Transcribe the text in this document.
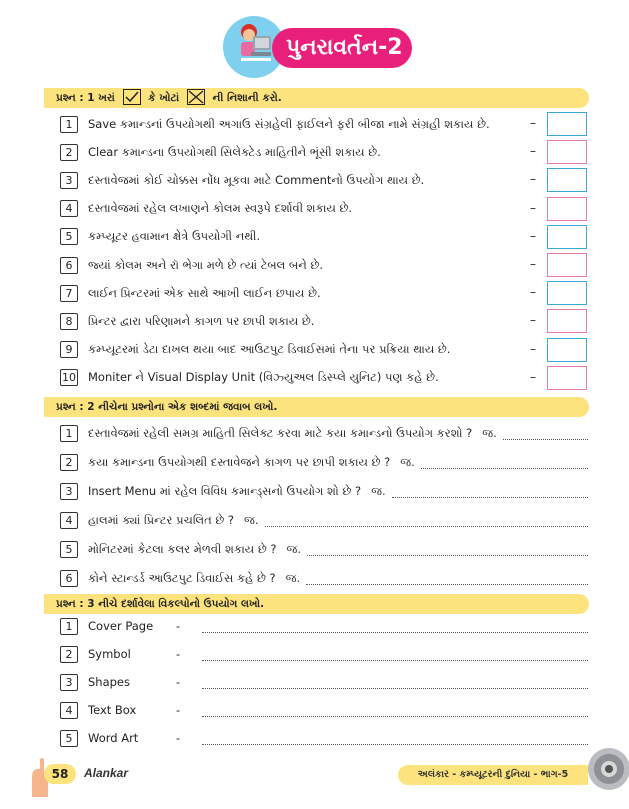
પુનરાવર્તન-2
પ્રશ્ન : 1 ખરાં	કે ખોટાં ☒ ની નિશાની કરો.
1	Save કમાન્ડનાં ઉપયોગથી અગાઉ સંગ્રહેલી ફાઈલને ફરી બીજા નામે સંગ્રહી શકાય છે.	–
2	Clear કમાન્ડના ઉપયોગથી સિલેક્ટેડ માહિતીને ભૂંસી શકાય છે.	–
3	દસ્તાવેજમાં કોઈ ચોક્કસ નોંધ મૂકવા માટે Commentનો ઉપયોગ થાય છે.	–
4	દસ્તાવેજમાં રહેલ લખાણને કોલમ સ્વરૂપે દર્શાવી શકાય છે.	–
5	કમ્પ્યૂટર હવામાન ક્ષેત્રે ઉપયોગી નથી.	–
6	જ્યાં કોલમ અને રૉ ભેગા મળે છે ત્યાં ટેબલ બને છે.	–
7	લાઈન પ્રિન્ટરમાં એક સાથે આખી લાઈન છપાય છે.	–
8	પ્રિન્ટર દ્વારા પરિણામને કાગળ પર છાપી શકાય છે.	–
9	કમ્પ્યૂટરમાં ડેટા દાખલ થયા બાદ આઉટપુટ ડિવાઈસમાં તેના પર પ્રક્રિયા થાય છે.	–
10 Moniter ને Visual Display Unit (વિઝ્યુઅલ ડિસ્પ્લે યુનિટ) પણ કહે છે.	–
પ્રશ્ન : 2 નીચેના પ્રશ્નોના એક શબ્દમાં જવાબ લખો.
1	દસ્તાવેજમાં રહેલી સમગ્ર માહિતી સિલેક્ટ કરવા માટે કયા કમાન્ડનો ઉપયોગ કરશો ? જ.
2	કયા કમાન્ડના ઉપયોગથી દસ્તાવેજને કાગળ પર છાપી શકાય છે ? જ.
3	Insert Menu માં રહેલ વિવિધ કમાન્ડ્સનો ઉપયોગ શો છે ? જ.
4	હાલમાં ક્યાં પ્રિન્ટર પ્રચલિત છે ? જ.
5	મોનિટરમાં કેટલા કલર મેળવી શકાય છે ? જ.
6	કોને સ્ટાન્ડર્ડ આઉટપુટ ડિવાઈસ કહે છે ? જ.
પ્રશ્ન : 3 નીચે દર્શાવેલા વિકલ્પોનો ઉપયોગ લખો.
1	Cover Page	-
2	Symbol	-
3	Shapes	-
4	Text Box	-
5	Word Art	-
58	Alankar	અલંકાર - કમ્પ્યૂટરની દુનિયા - ભાગ-5
